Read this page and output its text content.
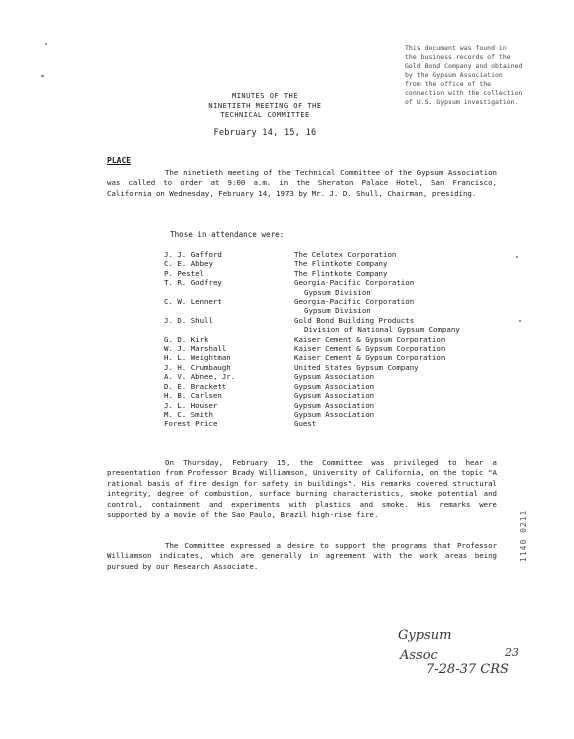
This document was found in
the business records of the
Gold Bond Company and obtained
by the Gypsum Association
from the office of the
connection with the collection
of U.S. Gypsum investigation.
MINUTES OF THE
NINETIETH MEETING OF THE
TECHNICAL COMMITTEE
February 14, 15, 16
PLACE
The ninetieth meeting of the Technical Committee of the Gypsum Association was called to order at 9:00 a.m. in the Sheraton Palace Hotel, San Francisco, California on Wednesday, February 14, 1973 by Mr. J. D. Shull, Chairman, presiding.
Those in attendance were:
J. J. Gafford	The Celotex Corporation

C. E. Abbey	The Flintkote Company

P. Pestel	The Flintkote Company

T. R. Godfrey	Georgia-Pacific Corporation
Gypsum Division

C. W. Lennert	Georgia-Pacific Corporation
Gypsum Division

J. D. Shull	Gold Bond Building Products
Division of National Gypsum Company

G. D. Kirk	Kaiser Cement & Gypsum Corporation

W. J. Marshall	Kaiser Cement & Gypsum Corporation

H. L. Weightman	Kaiser Cement & Gypsum Corporation

J. H. Crumbaugh	United States Gypsum Company

A. V. Abnee, Jr.	Gypsum Association

D. E. Brackett	Gypsum Association

H. B. Carlsen	Gypsum Association

J. L. Houser	Gypsum Association

M. C. Smith	Gypsum Association

Forest Price	Guest
On Thursday, February 15, the Committee was privileged to hear a presentation from Professor Brady Williamson, University of California, on the topic "A rational basis of fire design for safety in buildings". His remarks covered structural integrity, degree of combustion, surface burning characteristics, smoke potential and control, containment and experiments with plastics and smoke. His remarks were supported by a movie of the Sao Paulo, Brazil high-rise fire.
The Committee expressed a desire to support the programs that Professor Williamson indicates, which are generally in agreement with the work areas being pursued by our Research Associate.
1140 0211
Gypsum
Assoc
7-28-37 CRS
23
